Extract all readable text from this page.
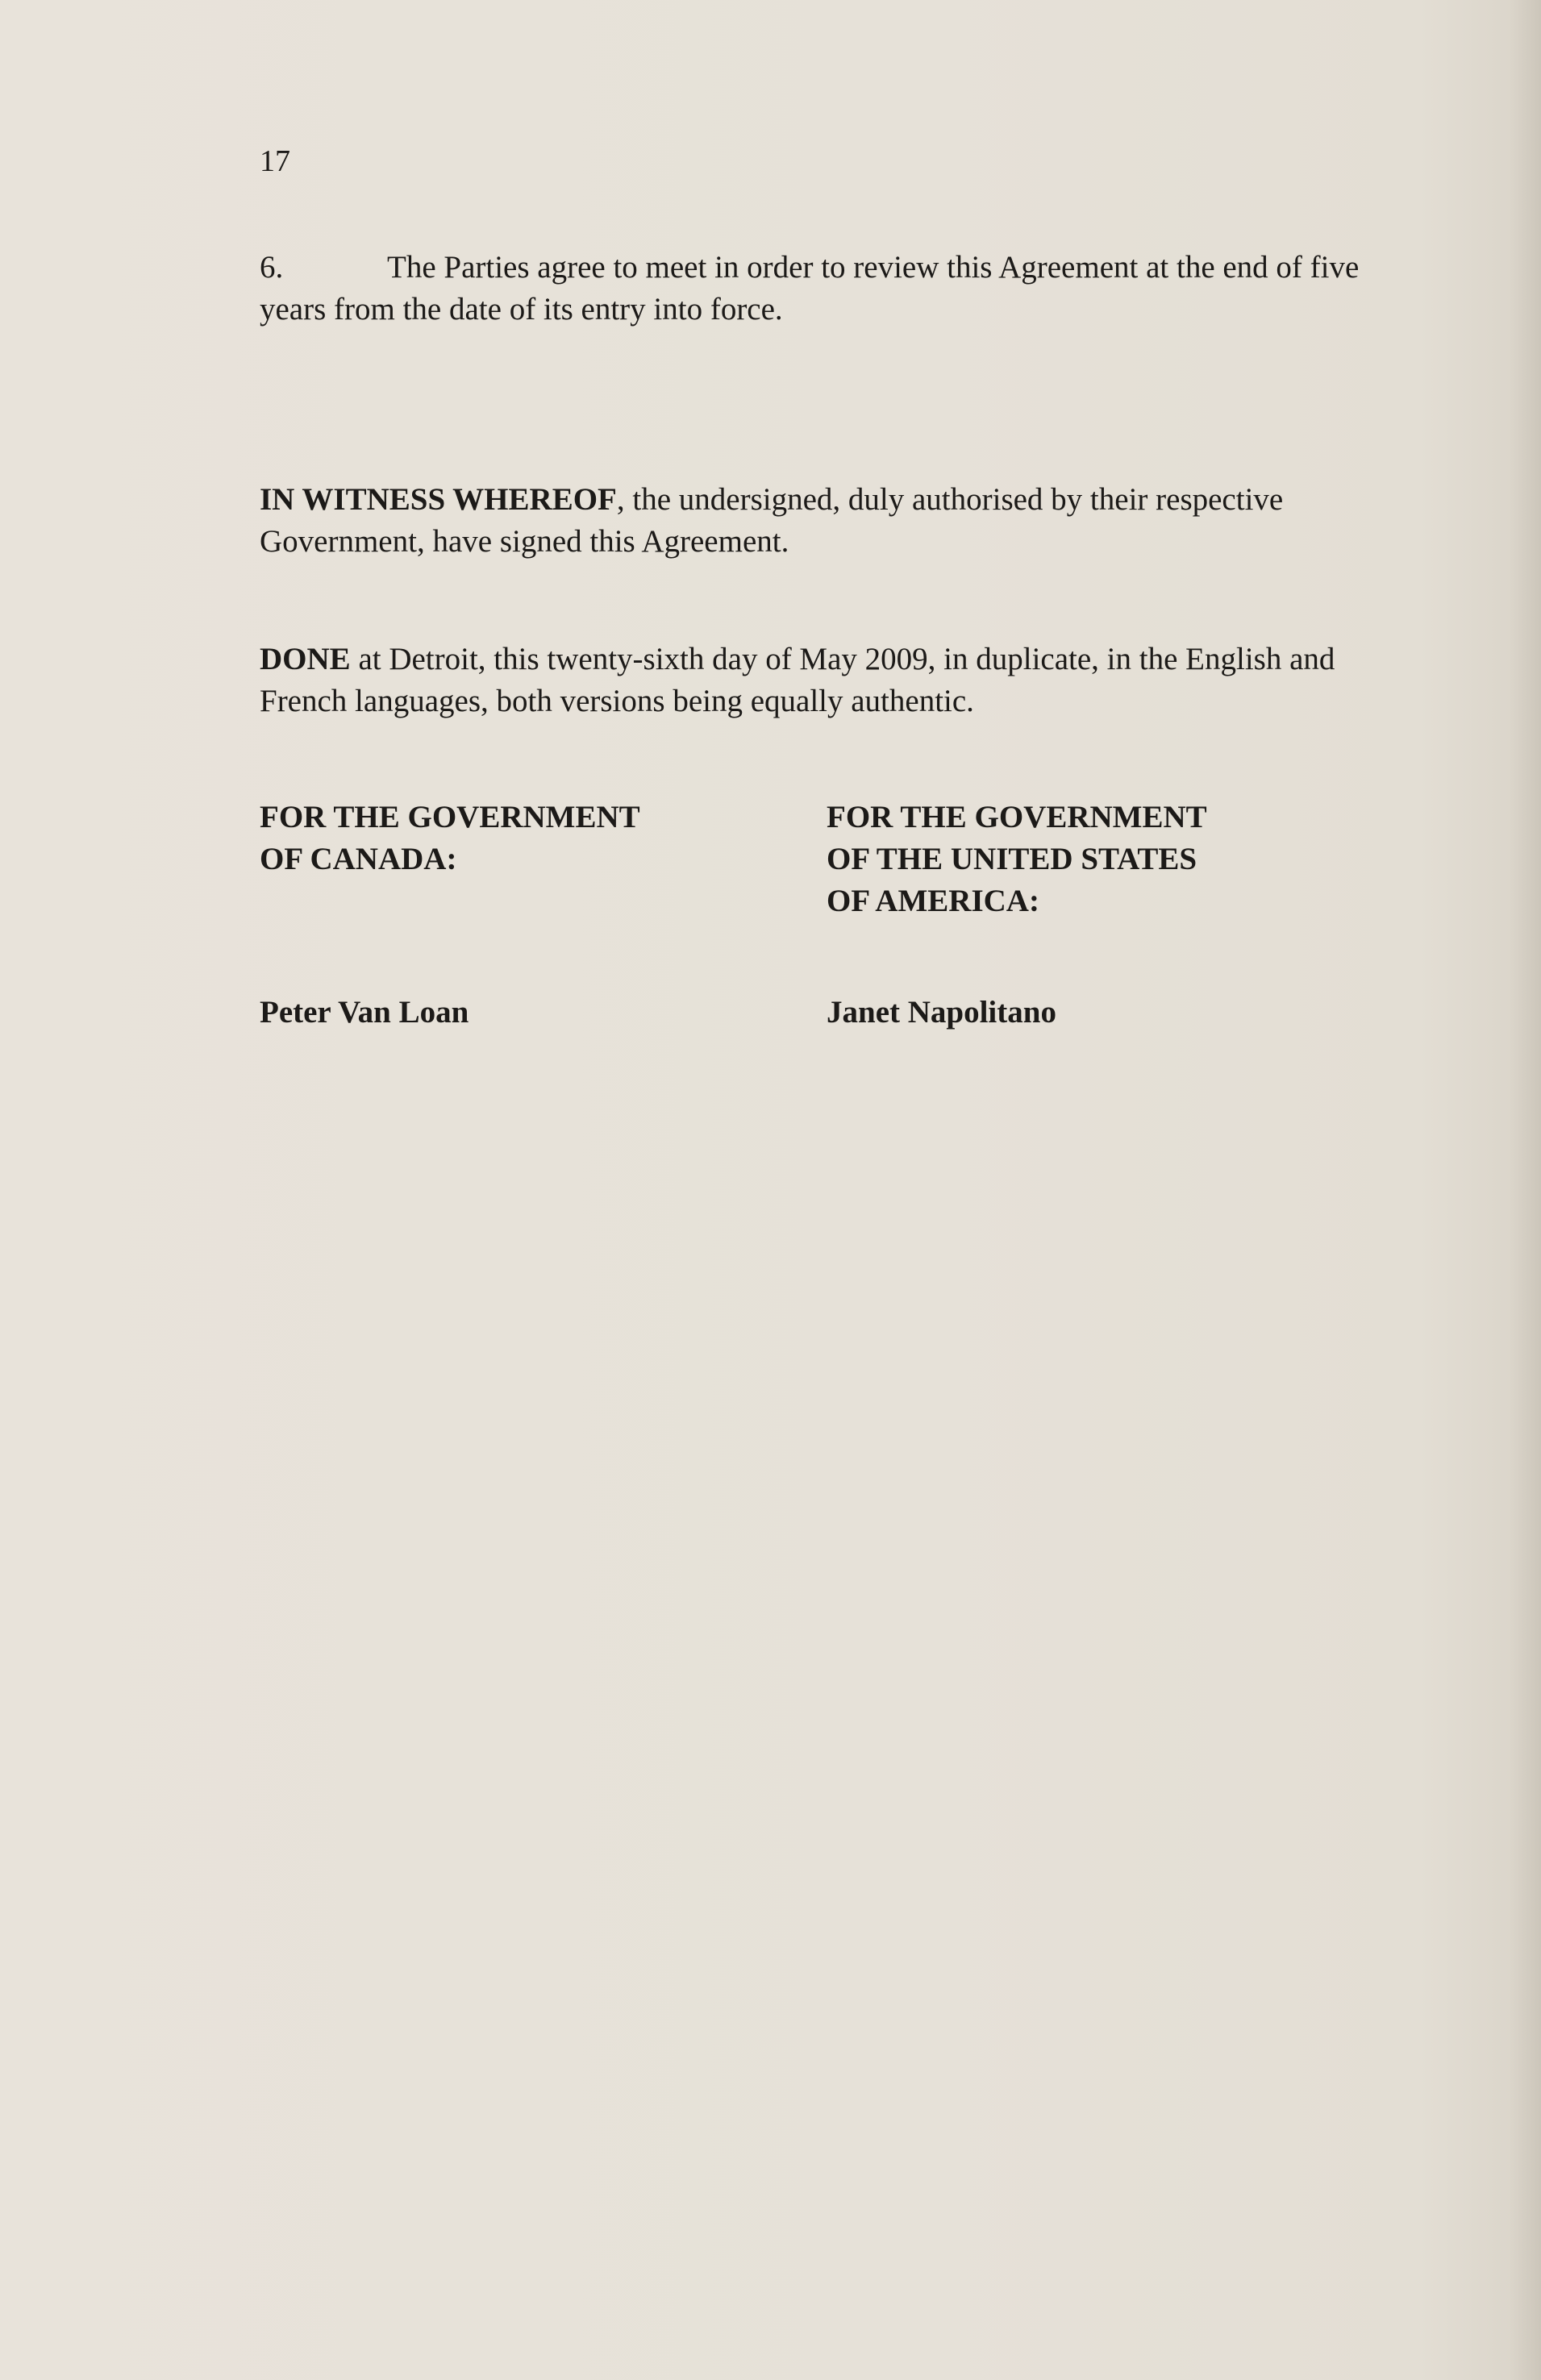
17
6.	The Parties agree to meet in order to review this Agreement at the end of five years from the date of its entry into force.
IN WITNESS WHEREOF, the undersigned, duly authorised by their respective Government, have signed this Agreement.
DONE at Detroit, this twenty-sixth day of May 2009, in duplicate, in the English and French languages, both versions being equally authentic.
FOR THE GOVERNMENT
OF CANADA:
Peter Van Loan
FOR THE GOVERNMENT
OF THE UNITED STATES
OF AMERICA:
Janet Napolitano
